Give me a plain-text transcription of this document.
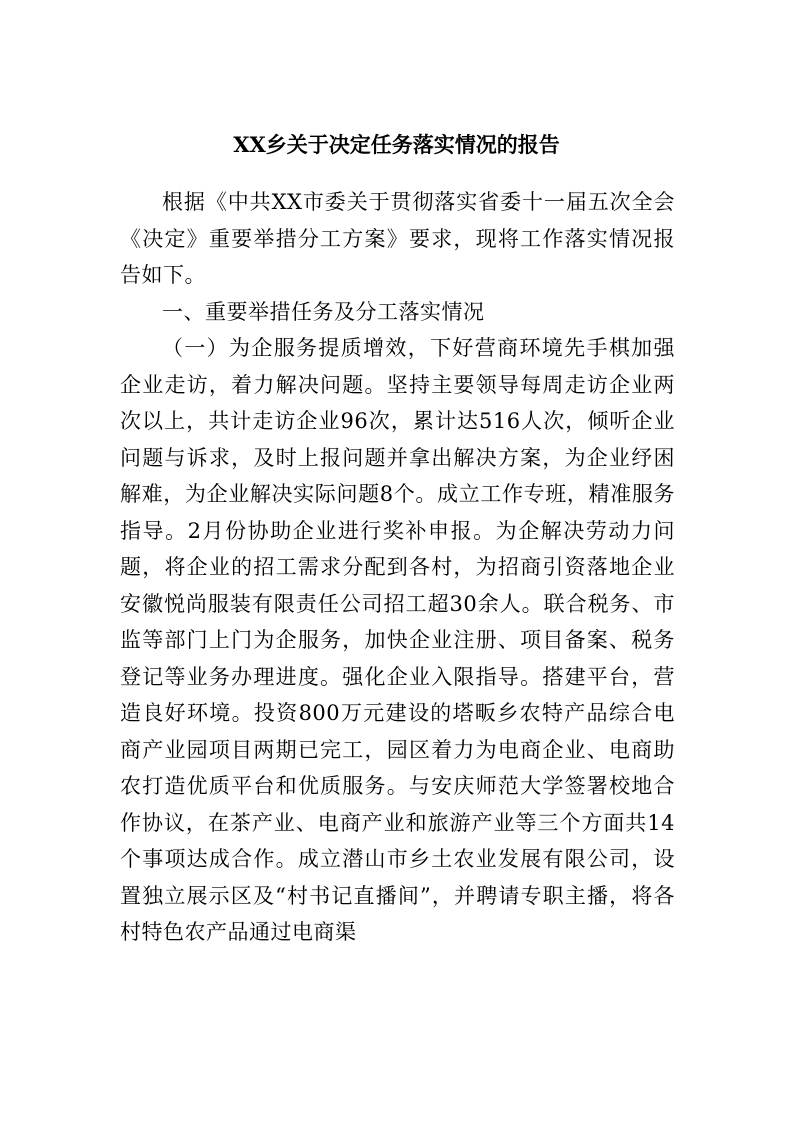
XX乡关于决定任务落实情况的报告

根据《中共XX市委关于贯彻落实省委十一届五次全会《决定》重要举措分工方案》要求，现将工作落实情况报告如下。

一、重要举措任务及分工落实情况

（一）为企服务提质增效，下好营商环境先手棋加强企业走访，着力解决问题。坚持主要领导每周走访企业两次以上，共计走访企业96次，累计达516人次，倾听企业问题与诉求，及时上报问题并拿出解决方案，为企业纾困解难，为企业解决实际问题8个。成立工作专班，精准服务指导。2月份协助企业进行奖补申报。为企解决劳动力问题，将企业的招工需求分配到各村，为招商引资落地企业安徽悦尚服装有限责任公司招工超30余人。联合税务、市监等部门上门为企服务，加快企业注册、项目备案、税务登记等业务办理进度。强化企业入限指导。搭建平台，营造良好环境。投资800万元建设的塔畈乡农特产品综合电商产业园项目两期已完工，园区着力为电商企业、电商助农打造优质平台和优质服务。与安庆师范大学签署校地合作协议，在茶产业、电商产业和旅游产业等三个方面共14个事项达成合作。成立潜山市乡土农业发展有限公司，设置独立展示区及“村书记直播间”，并聘请专职主播，将各村特色农产品通过电商渠
